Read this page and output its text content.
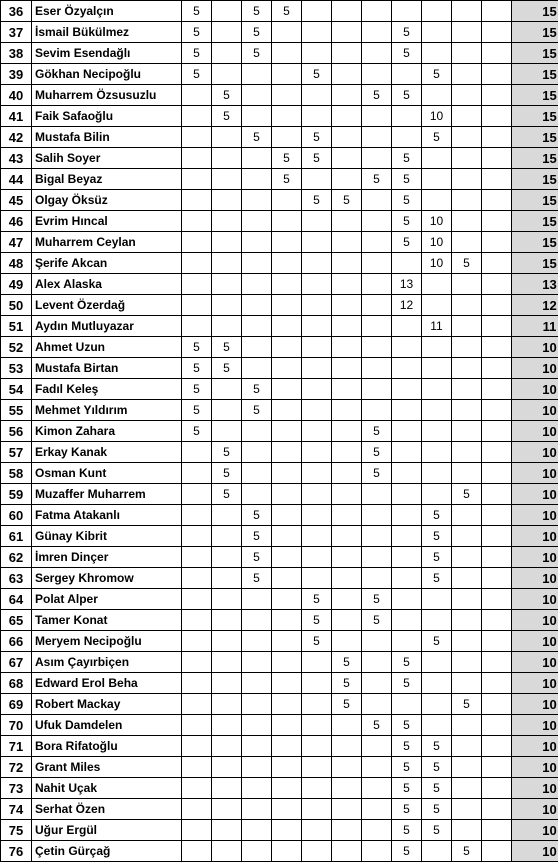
36	Eser Özyalçın	5		5	5								15
37	İsmail Bükülmez	5		5					5				15
38	Sevim Esendağlı	5		5					5				15
39	Gökhan Necipoğlu	5				5				5			15
40	Muharrem Özsusuzlu		5					5	5				15
41	Faik Safaoğlu		5							10			15
42	Mustafa Bilin			5		5				5			15
43	Salih Soyer				5	5			5				15
44	Bigal Beyaz				5			5	5				15
45	Olgay Öksüz					5	5		5				15
46	Evrim Hıncal								5	10			15
47	Muharrem Ceylan								5	10			15
48	Şerife Akcan									10	5		15
49	Alex Alaska								13				13
50	Levent Özerdağ								12				12
51	Aydın Mutluyazar									11			11
52	Ahmet Uzun	5	5										10
53	Mustafa Birtan	5	5										10
54	Fadıl Keleş	5		5									10
55	Mehmet Yıldırım	5		5									10
56	Kimon Zahara	5						5					10
57	Erkay Kanak		5					5					10
58	Osman Kunt		5					5					10
59	Muzaffer Muharrem		5								5		10
60	Fatma Atakanlı			5						5			10
61	Günay Kibrit			5						5			10
62	İmren Dinçer			5						5			10
63	Sergey Khromow			5						5			10
64	Polat Alper					5		5					10
65	Tamer Konat					5		5					10
66	Meryem Necipoğlu					5				5			10
67	Asım Çayırbiçen						5		5				10
68	Edward Erol Beha						5		5				10
69	Robert Mackay						5				5		10
70	Ufuk Damdelen							5	5				10
71	Bora Rifatoğlu								5	5			10
72	Grant Miles								5	5			10
73	Nahit Uçak								5	5			10
74	Serhat Özen								5	5			10
75	Uğur Ergül								5	5			10
76	Çetin Gürçağ								5		5		10
